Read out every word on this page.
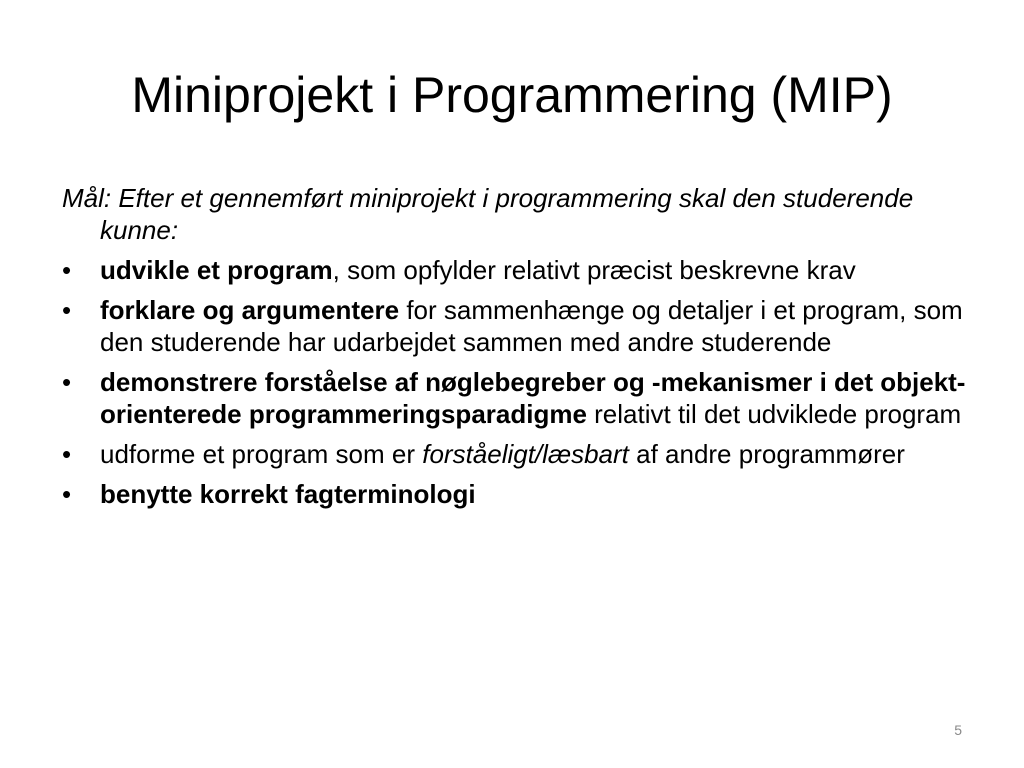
Miniprojekt i Programmering (MIP)

Mål: Efter et gennemført miniprojekt i programmering skal den studerende kunne:

•	udvikle et program, som opfylder relativt præcist beskrevne krav
•	forklare og argumentere for sammenhænge og detaljer i et program, som den studerende har udarbejdet sammen med andre studerende
•	demonstrere forståelse af nøglebegreber og -mekanismer i det objekt-orienterede programmeringsparadigme relativt til det udviklede program
•	udforme et program som er forståeligt/læsbart af andre programmører
•	benytte korrekt fagterminologi
5
